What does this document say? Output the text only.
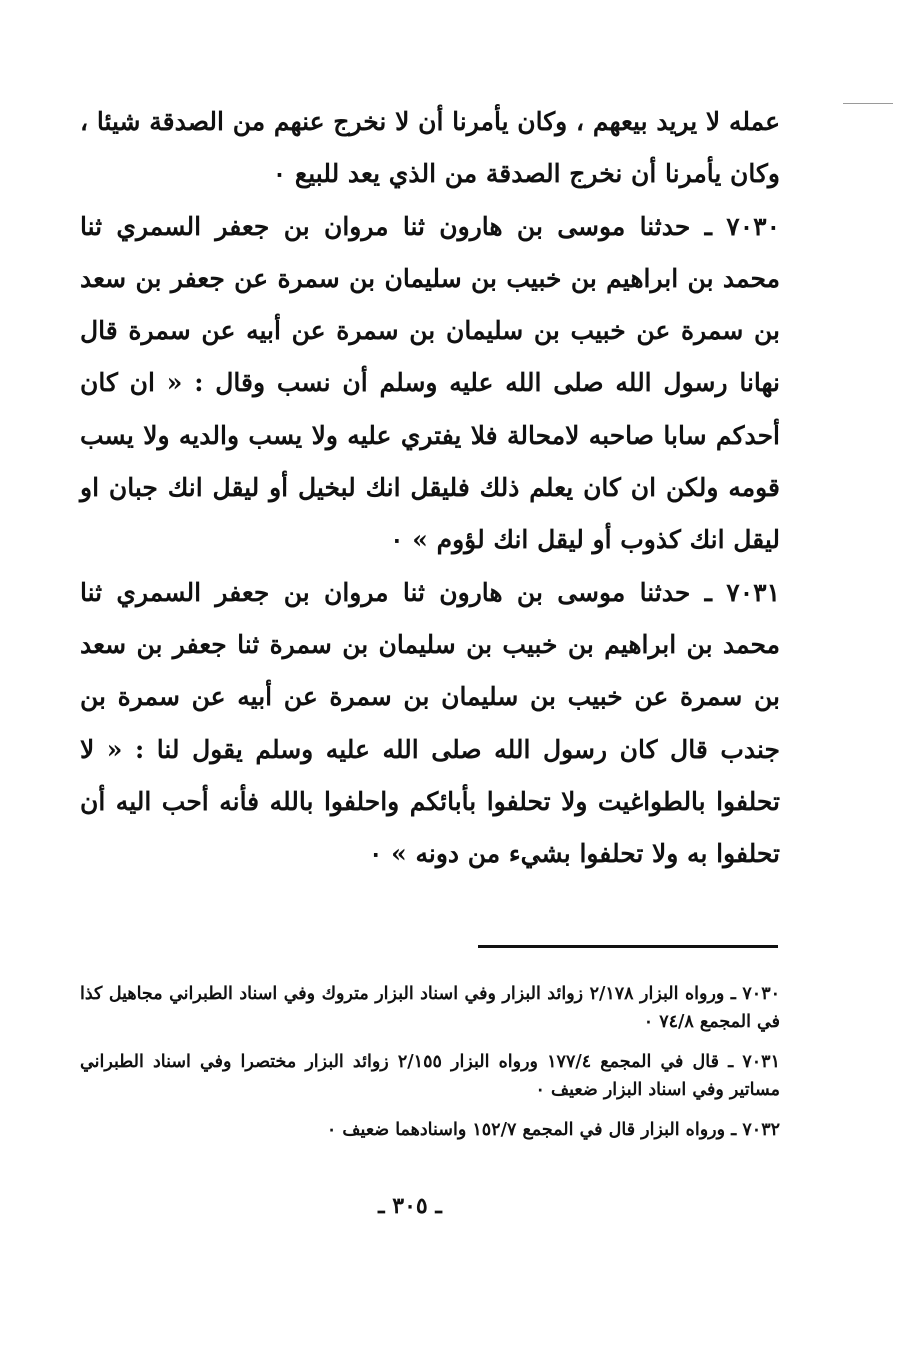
عمله لا يريد بيعهم ، وكان يأمرنا أن لا نخرج عنهم من الصدقة شيئا ، وكان يأمرنا أن نخرج الصدقة من الذي يعد للبيع ٠

٧٠٣٠ ـ حدثنا موسى بن هارون ثنا مروان بن جعفر السمري ثنا محمد بن ابراهيم بن خبيب بن سليمان بن سمرة عن جعفر بن سعد بن سمرة عن خبيب بن سليمان بن سمرة عن أبيه عن سمرة قال نهانا رسول الله صلى الله عليه وسلم أن نسب وقال : « ان كان أحدكم سابا صاحبه لامحالة فلا يفتري عليه ولا يسب والديه ولا يسب قومه ولكن ان كان يعلم ذلك فليقل انك لبخيل أو ليقل انك جبان او ليقل انك كذوب أو ليقل انك لؤوم » ٠

٧٠٣١ ـ حدثنا موسى بن هارون ثنا مروان بن جعفر السمري ثنا محمد بن ابراهيم بن خبيب بن سليمان بن سمرة ثنا جعفر بن سعد بن سمرة عن خبيب بن سليمان بن سمرة عن أبيه عن سمرة بن جندب قال كان رسول الله صلى الله عليه وسلم يقول لنا : « لا تحلفوا بالطواغيت ولا تحلفوا بأبائكم واحلفوا بالله فأنه أحب اليه أن تحلفوا به ولا تحلفوا بشيء من دونه » ٠

٧٠٣٠ ـ ورواه البزار ٢/١٧٨ زوائد البزار وفي اسناد البزار متروك وفي اسناد الطبراني مجاهيل كذا في المجمع ٧٤/٨ ٠

٧٠٣١ ـ قال في المجمع ١٧٧/٤ ورواه البزار ٢/١٥٥ زوائد البزار مختصرا وفي اسناد الطبراني مساتير وفي اسناد البزار ضعيف ٠

٧٠٣٢ ـ ورواه البزار قال في المجمع ١٥٢/٧ واسنادهما ضعيف ٠

ـ ٣٠٥ ـ
